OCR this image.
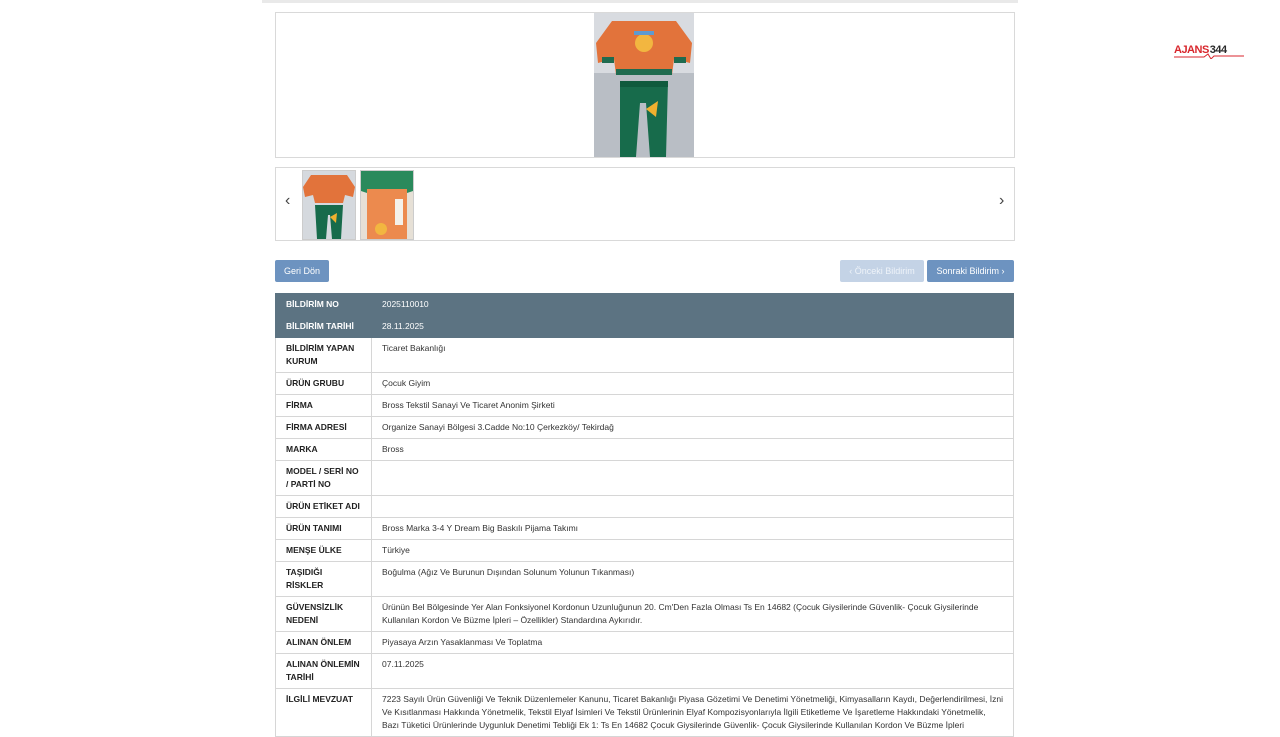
AJANS 344
‹	›
Geri Dön	‹ Önceki Bildirim	Sonraki Bildirim ›
BİLDİRİM NO	2025110010
BİLDİRİM TARİHİ	28.11.2025
BİLDİRİM YAPAN KURUM	Ticaret Bakanlığı
ÜRÜN GRUBU	Çocuk Giyim
FİRMA	Bross Tekstil Sanayi Ve Ticaret Anonim Şirketi
FİRMA ADRESİ	Organize Sanayi Bölgesi 3.Cadde No:10 Çerkezköy/ Tekirdağ
MARKA	Bross
MODEL / SERİ NO / PARTİ NO	
ÜRÜN ETİKET ADI	
ÜRÜN TANIMI	Bross Marka 3-4 Y Dream Big Baskılı Pijama Takımı
MENŞE ÜLKE	Türkiye
TAŞIDIĞI RİSKLER	Boğulma (Ağız Ve Burunun Dışından Solunum Yolunun Tıkanması)
GÜVENSİZLİK NEDENİ	Ürünün Bel Bölgesinde Yer Alan Fonksiyonel Kordonun Uzunluğunun 20. Cm'Den Fazla Olması Ts En 14682 (Çocuk Giysilerinde Güvenlik- Çocuk Giysilerinde Kullanılan Kordon Ve Büzme İpleri – Özellikler) Standardına Aykırıdır.
ALINAN ÖNLEM	Piyasaya Arzın Yasaklanması Ve Toplatma
ALINAN ÖNLEMİN TARİHİ	07.11.2025
İLGİLİ MEVZUAT	7223 Sayılı Ürün Güvenliği Ve Teknik Düzenlemeler Kanunu, Ticaret Bakanlığı Piyasa Gözetimi Ve Denetimi Yönetmeliği, Kimyasalların Kaydı, Değerlendirilmesi, İzni Ve Kısıtlanması Hakkında Yönetmelik, Tekstil Elyaf İsimleri Ve Tekstil Ürünlerinin Elyaf Kompozisyonlarıyla İlgili Etiketleme Ve İşaretleme Hakkındaki Yönetmelik, Bazı Tüketici Ürünlerinde Uygunluk Denetimi Tebliği Ek 1: Ts En 14682 Çocuk Giysilerinde Güvenlik- Çocuk Giysilerinde Kullanılan Kordon Ve Büzme İpleri
